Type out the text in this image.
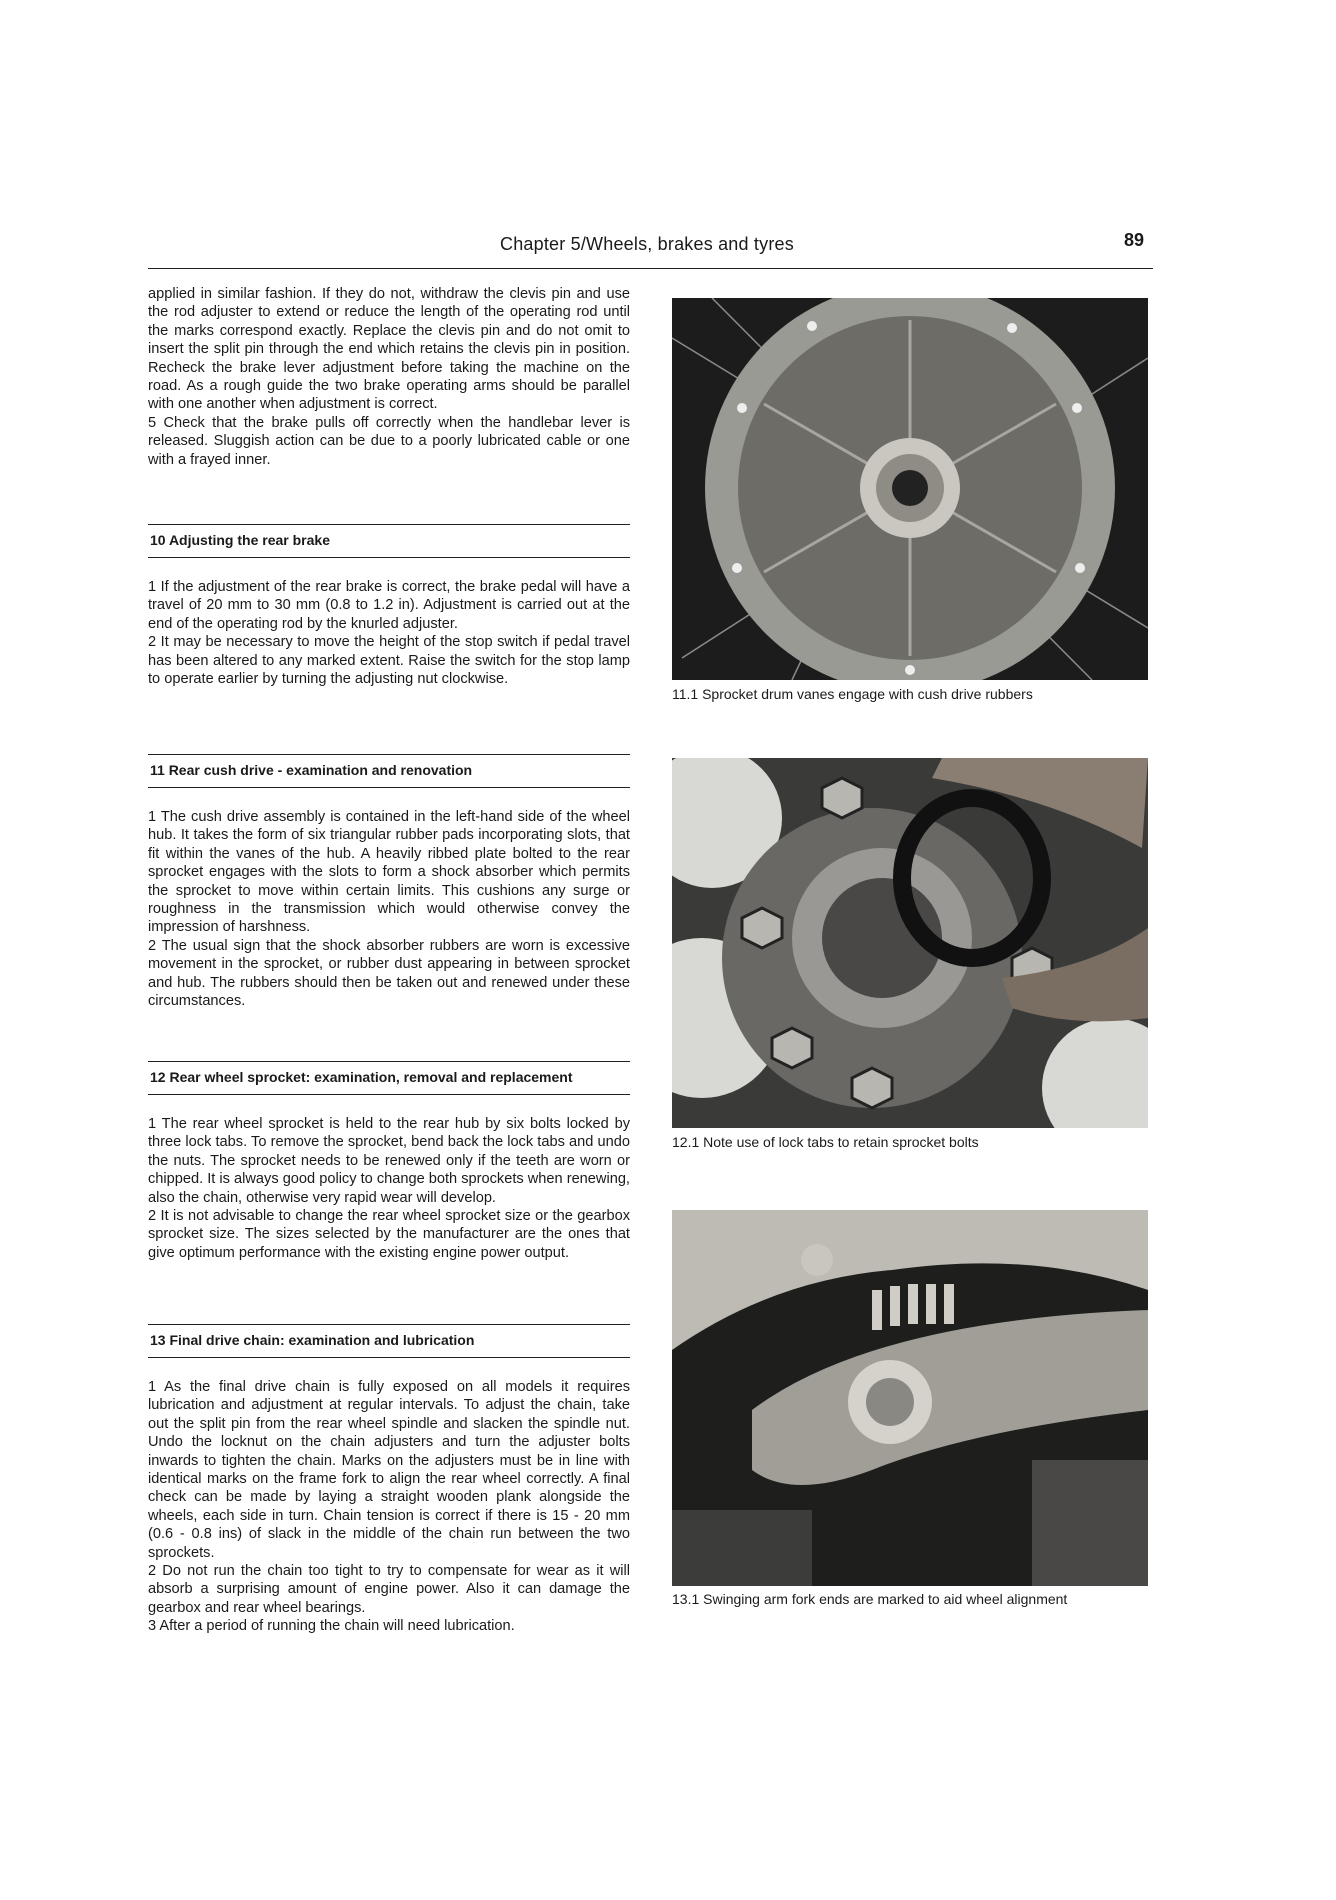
Chapter 5/Wheels, brakes and tyres	89

applied in similar fashion. If they do not, withdraw the clevis pin and use the rod adjuster to extend or reduce the length of the operating rod until the marks correspond exactly. Replace the clevis pin and do not omit to insert the split pin through the end which retains the clevis pin in position. Recheck the brake lever adjustment before taking the machine on the road. As a rough guide the two brake operating arms should be parallel with one another when adjustment is correct.

5 Check that the brake pulls off correctly when the handlebar lever is released. Sluggish action can be due to a poorly lubricated cable or one with a frayed inner.

10 Adjusting the rear brake

1 If the adjustment of the rear brake is correct, the brake pedal will have a travel of 20 mm to 30 mm (0.8 to 1.2 in). Adjustment is carried out at the end of the operating rod by the knurled adjuster.

2 It may be necessary to move the height of the stop switch if pedal travel has been altered to any marked extent. Raise the switch for the stop lamp to operate earlier by turning the adjusting nut clockwise.

11 Rear cush drive - examination and renovation

1 The cush drive assembly is contained in the left-hand side of the wheel hub. It takes the form of six triangular rubber pads incorporating slots, that fit within the vanes of the hub. A heavily ribbed plate bolted to the rear sprocket engages with the slots to form a shock absorber which permits the sprocket to move within certain limits. This cushions any surge or roughness in the transmission which would otherwise convey the impression of harshness.

2 The usual sign that the shock absorber rubbers are worn is excessive movement in the sprocket, or rubber dust appearing in between sprocket and hub. The rubbers should then be taken out and renewed under these circumstances.

12 Rear wheel sprocket: examination, removal and replacement

1 The rear wheel sprocket is held to the rear hub by six bolts locked by three lock tabs. To remove the sprocket, bend back the lock tabs and undo the nuts. The sprocket needs to be renewed only if the teeth are worn or chipped. It is always good policy to change both sprockets when renewing, also the chain, otherwise very rapid wear will develop.

2 It is not advisable to change the rear wheel sprocket size or the gearbox sprocket size. The sizes selected by the manufacturer are the ones that give optimum performance with the existing engine power output.

13 Final drive chain: examination and lubrication

1 As the final drive chain is fully exposed on all models it requires lubrication and adjustment at regular intervals. To adjust the chain, take out the split pin from the rear wheel spindle and slacken the spindle nut. Undo the locknut on the chain adjusters and turn the adjuster bolts inwards to tighten the chain. Marks on the adjusters must be in line with identical marks on the frame fork to align the rear wheel correctly. A final check can be made by laying a straight wooden plank alongside the wheels, each side in turn. Chain tension is correct if there is 15 - 20 mm (0.6 - 0.8 ins) of slack in the middle of the chain run between the two sprockets.

2 Do not run the chain too tight to try to compensate for wear as it will absorb a surprising amount of engine power. Also it can damage the gearbox and rear wheel bearings.

3 After a period of running the chain will need lubrication.

11.1 Sprocket drum vanes engage with cush drive rubbers
12.1 Note use of lock tabs to retain sprocket bolts
13.1 Swinging arm fork ends are marked to aid wheel alignment
